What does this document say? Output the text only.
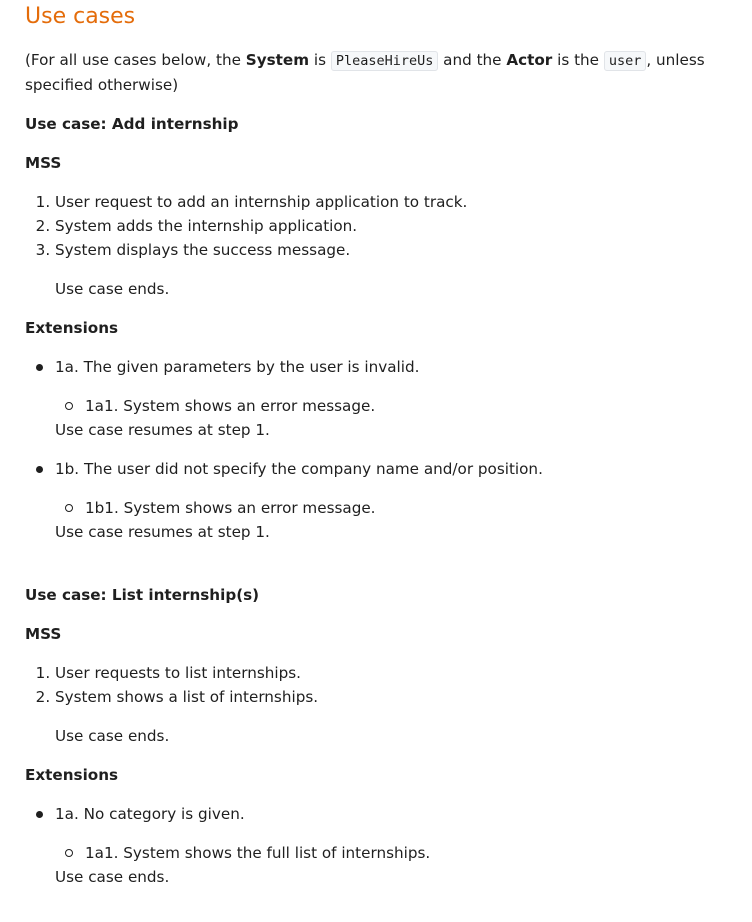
Use cases

(For all use cases below, the System is PleaseHireUs and the Actor is the user , unless specified otherwise)

Use case: Add internship

MSS

1. User request to add an internship application to track.
2. System adds the internship application.
3. System displays the success message.

Use case ends.

Extensions

1a. The given parameters by the user is invalid.
1a1. System shows an error message.
Use case resumes at step 1.
1b. The user did not specify the company name and/or position.
1b1. System shows an error message.
Use case resumes at step 1.

Use case: List internship(s)

MSS

1. User requests to list internships.
2. System shows a list of internships.

Use case ends.

Extensions

1a. No category is given.
1a1. System shows the full list of internships.
Use case ends.
